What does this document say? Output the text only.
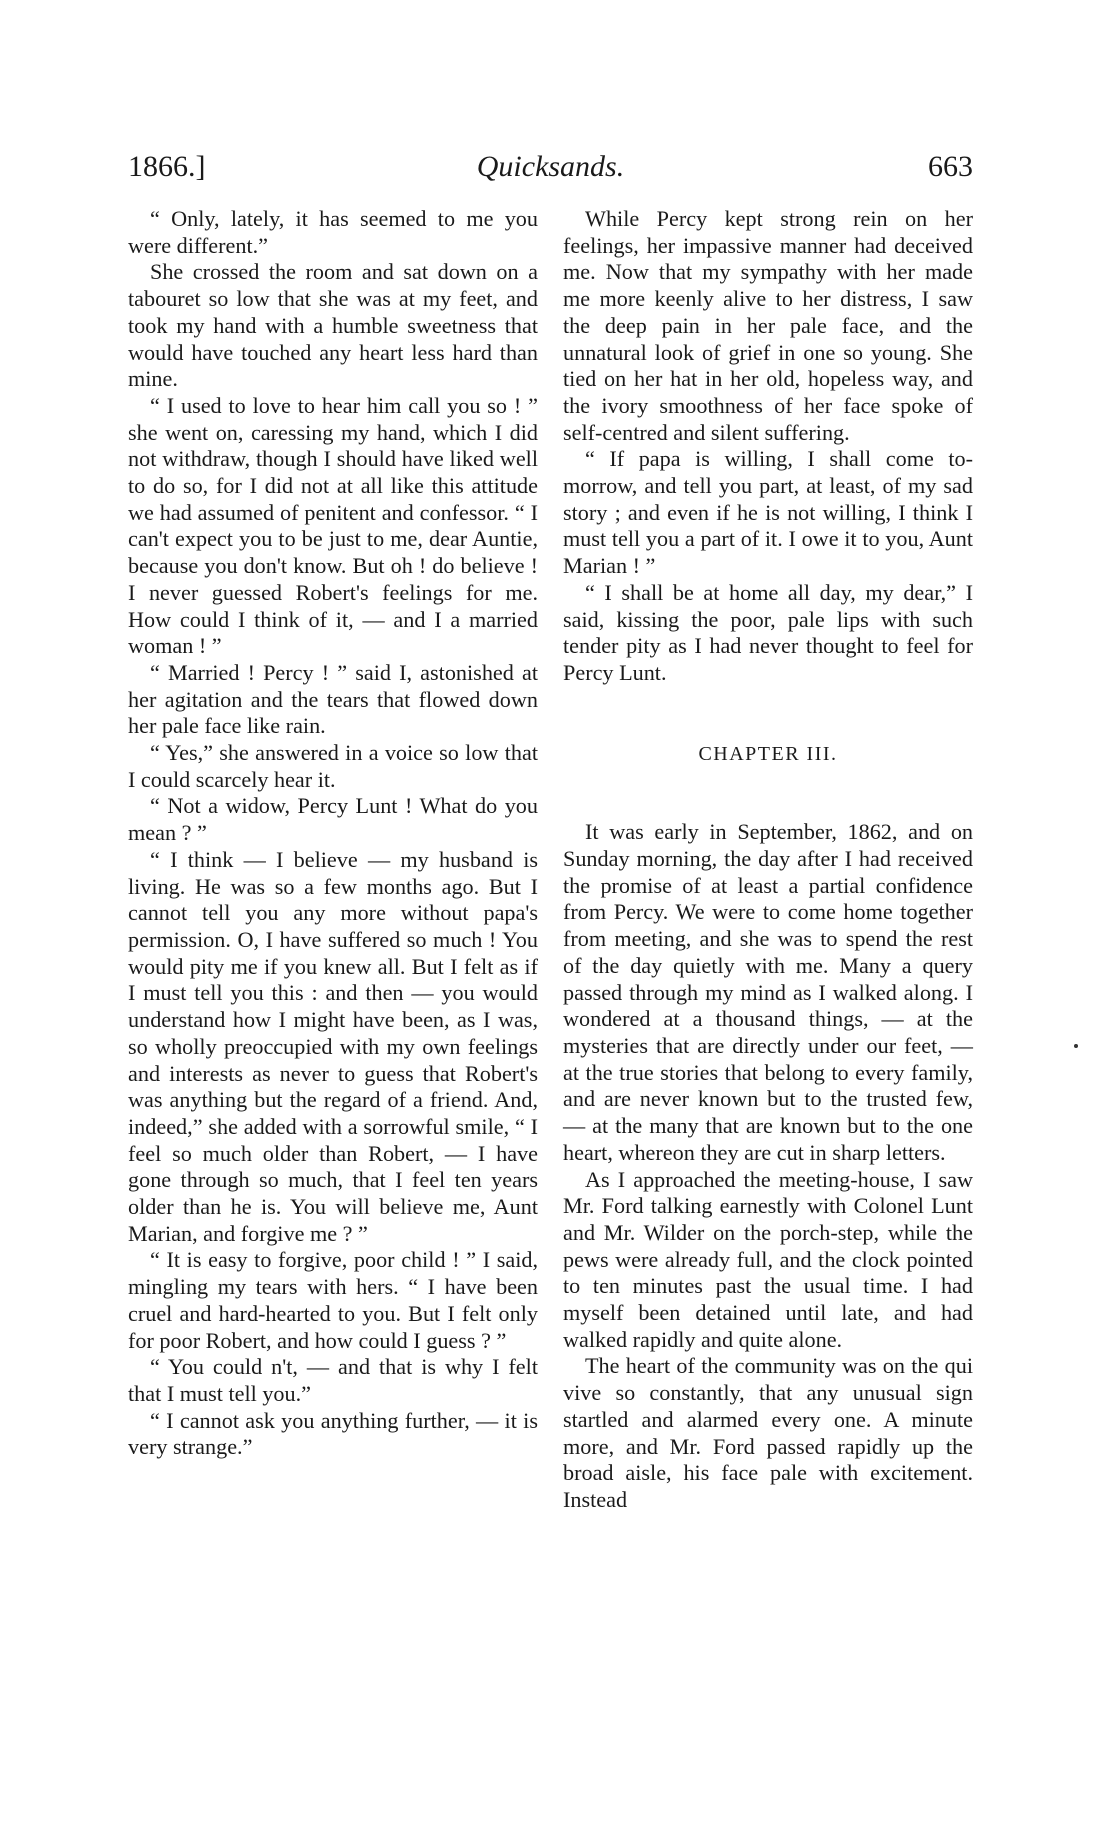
1866.]	Quicksands.	663

“ Only, lately, it has seemed to me you were different.”

She crossed the room and sat down on a tabouret so low that she was at my feet, and took my hand with a humble sweetness that would have touched any heart less hard than mine.

“ I used to love to hear him call you so ! ” she went on, caressing my hand, which I did not withdraw, though I should have liked well to do so, for I did not at all like this attitude we had assumed of penitent and confessor. “ I can't expect you to be just to me, dear Auntie, because you don't know. But oh ! do believe ! I never guessed Robert's feelings for me. How could I think of it, — and I a married woman ! ”

“ Married ! Percy ! ” said I, astonished at her agitation and the tears that flowed down her pale face like rain.

“ Yes,” she answered in a voice so low that I could scarcely hear it.

“ Not a widow, Percy Lunt ! What do you mean ? ”

“ I think — I believe — my husband is living. He was so a few months ago. But I cannot tell you any more without papa's permission. O, I have suffered so much ! You would pity me if you knew all. But I felt as if I must tell you this : and then — you would understand how I might have been, as I was, so wholly preoccupied with my own feelings and interests as never to guess that Robert's was anything but the regard of a friend. And, indeed,” she added with a sorrowful smile, “ I feel so much older than Robert, — I have gone through so much, that I feel ten years older than he is. You will believe me, Aunt Marian, and forgive me ? ”

“ It is easy to forgive, poor child ! ” I said, mingling my tears with hers. “ I have been cruel and hard-hearted to you. But I felt only for poor Robert, and how could I guess ? ”

“ You could n't, — and that is why I felt that I must tell you.”

“ I cannot ask you anything further, — it is very strange.”

While Percy kept strong rein on her feelings, her impassive manner had deceived me. Now that my sympathy with her made me more keenly alive to her distress, I saw the deep pain in her pale face, and the unnatural look of grief in one so young. She tied on her hat in her old, hopeless way, and the ivory smoothness of her face spoke of self-centred and silent suffering.

“ If papa is willing, I shall come to-morrow, and tell you part, at least, of my sad story ; and even if he is not willing, I think I must tell you a part of it. I owe it to you, Aunt Marian ! ”

“ I shall be at home all day, my dear,” I said, kissing the poor, pale lips with such tender pity as I had never thought to feel for Percy Lunt.

CHAPTER III.

It was early in September, 1862, and on Sunday morning, the day after I had received the promise of at least a partial confidence from Percy. We were to come home together from meeting, and she was to spend the rest of the day quietly with me. Many a query passed through my mind as I walked along. I wondered at a thousand things, — at the mysteries that are directly under our feet, — at the true stories that belong to every family, and are never known but to the trusted few, — at the many that are known but to the one heart, whereon they are cut in sharp letters.

As I approached the meeting-house, I saw Mr. Ford talking earnestly with Colonel Lunt and Mr. Wilder on the porch-step, while the pews were already full, and the clock pointed to ten minutes past the usual time. I had myself been detained until late, and had walked rapidly and quite alone.

The heart of the community was on the qui vive so constantly, that any unusual sign startled and alarmed every one. A minute more, and Mr. Ford passed rapidly up the broad aisle, his face pale with excitement. Instead
